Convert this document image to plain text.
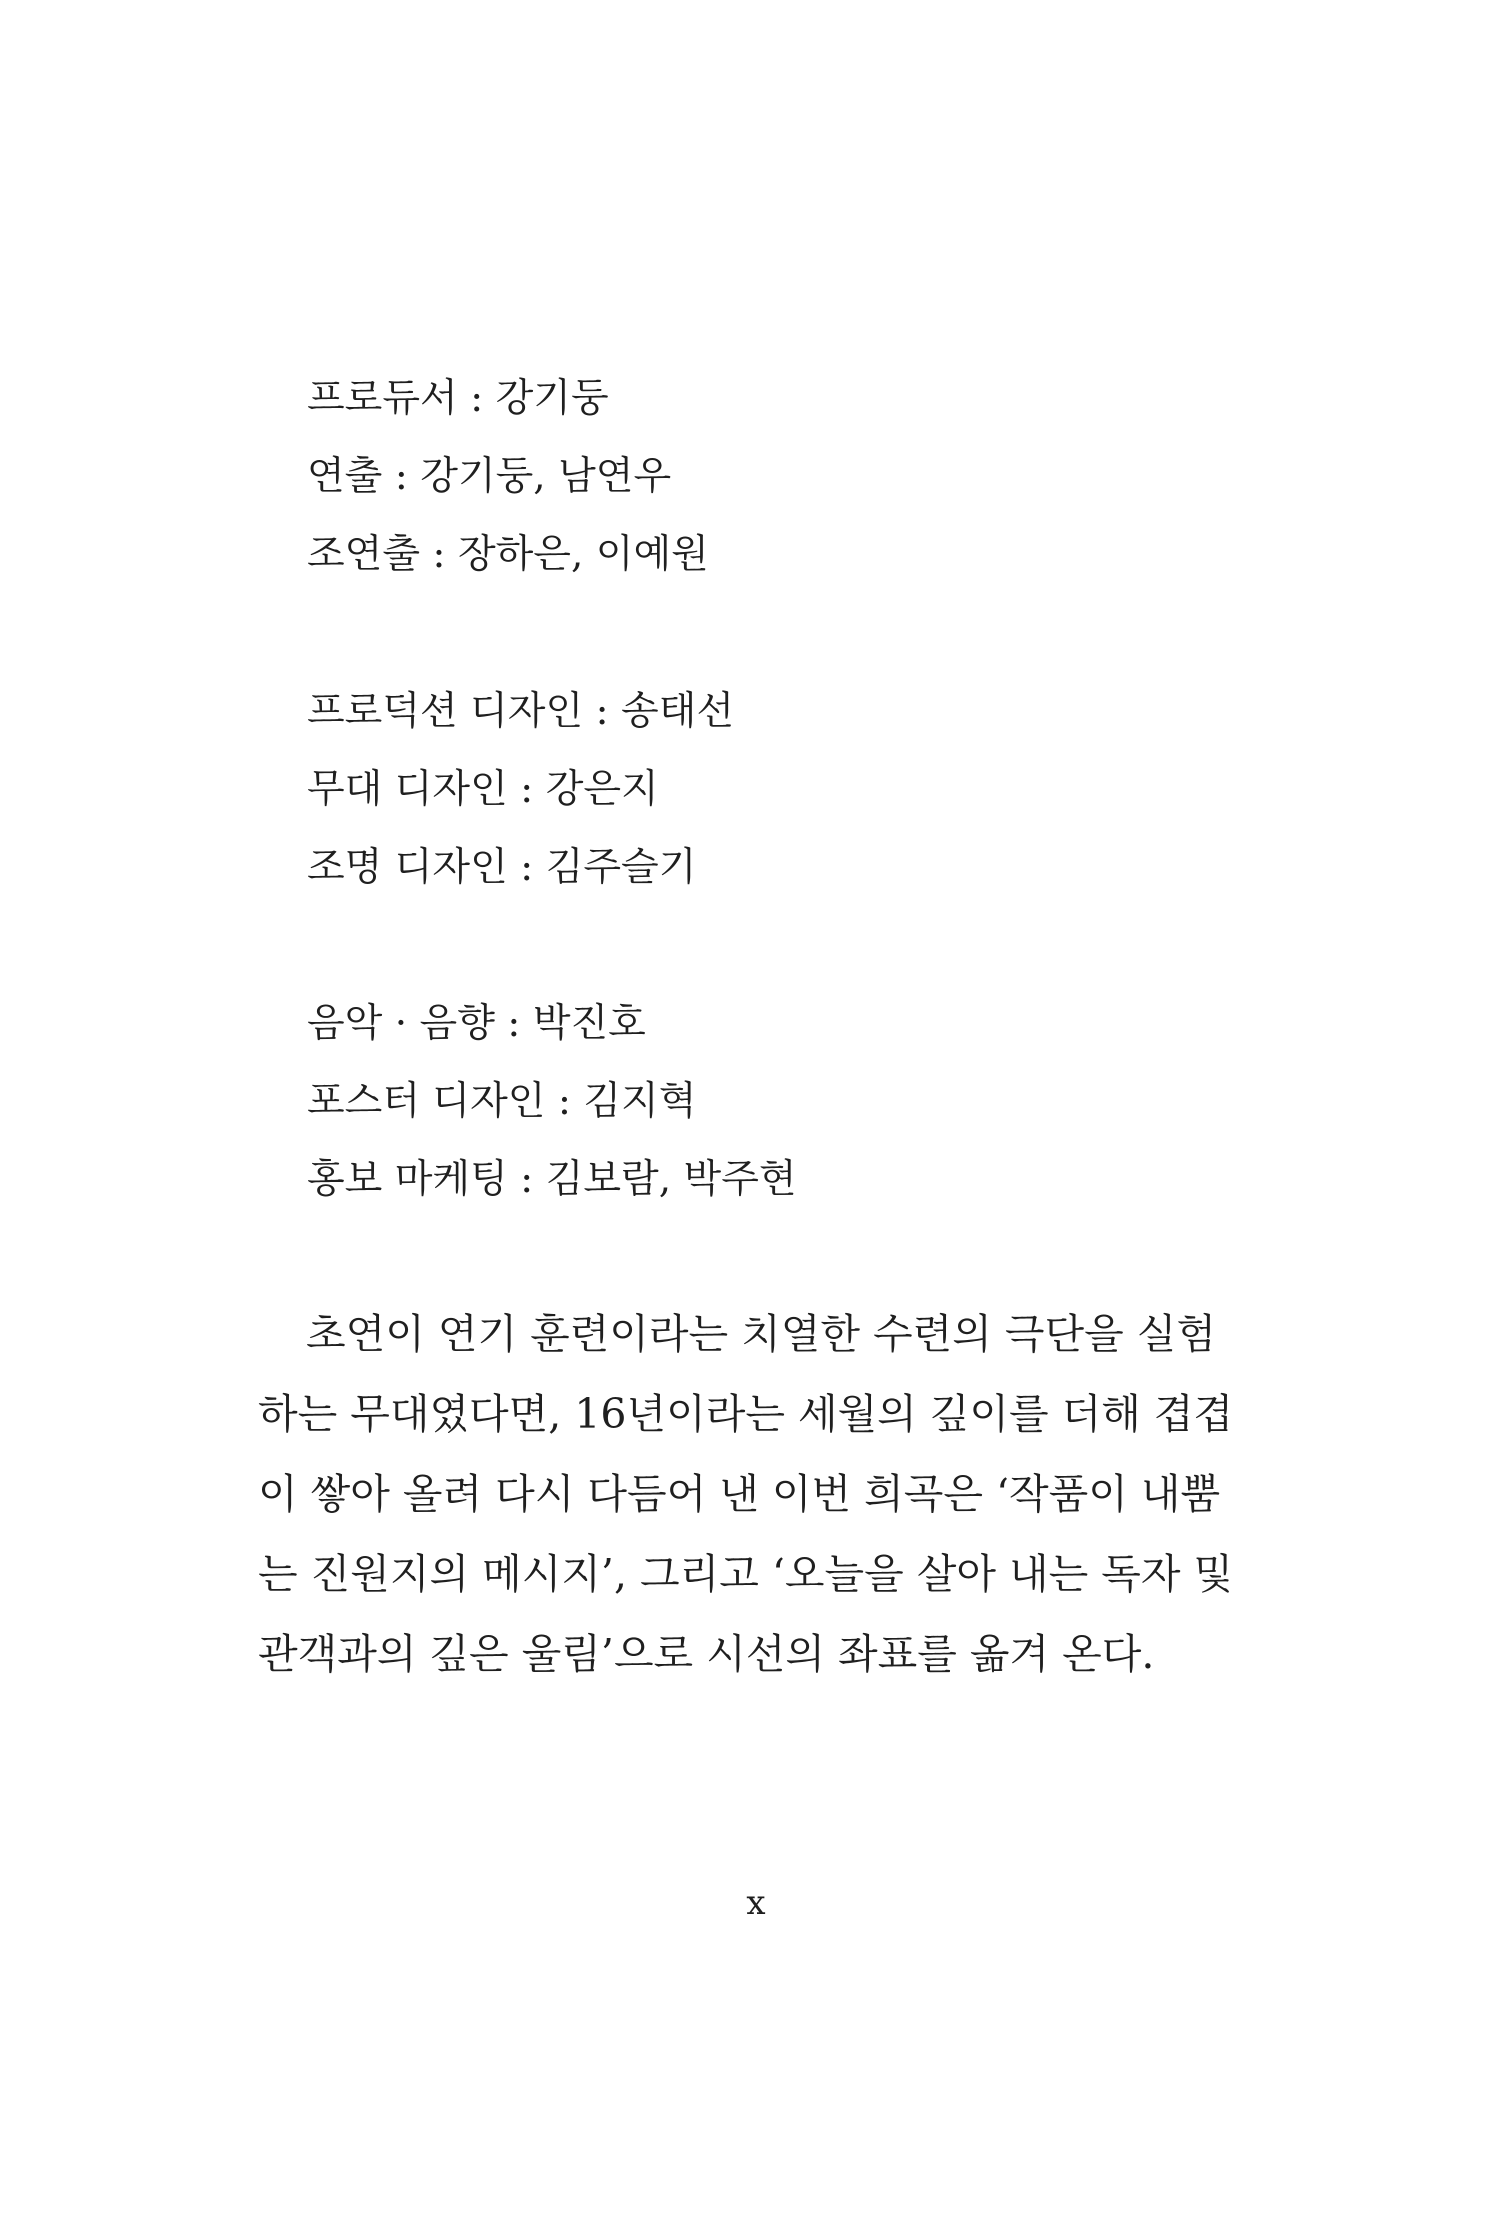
프로듀서 : 강기둥
연출 : 강기둥, 남연우
조연출 : 장하은, 이예원
프로덕션 디자인 : 송태선
무대 디자인 : 강은지
조명 디자인 : 김주슬기
음악 · 음향 : 박진호
포스터 디자인 : 김지혁
홍보 마케팅 : 김보람, 박주현
초연이 연기 훈련이라는 치열한 수련의 극단을 실험
하는 무대였다면, 16년이라는 세월의 깊이를 더해 겹겹
이 쌓아 올려 다시 다듬어 낸 이번 희곡은 ‘작품이 내뿜
는 진원지의 메시지’, 그리고 ‘오늘을 살아 내는 독자 및
관객과의 깊은 울림’으로 시선의 좌표를 옮겨 온다.
x
